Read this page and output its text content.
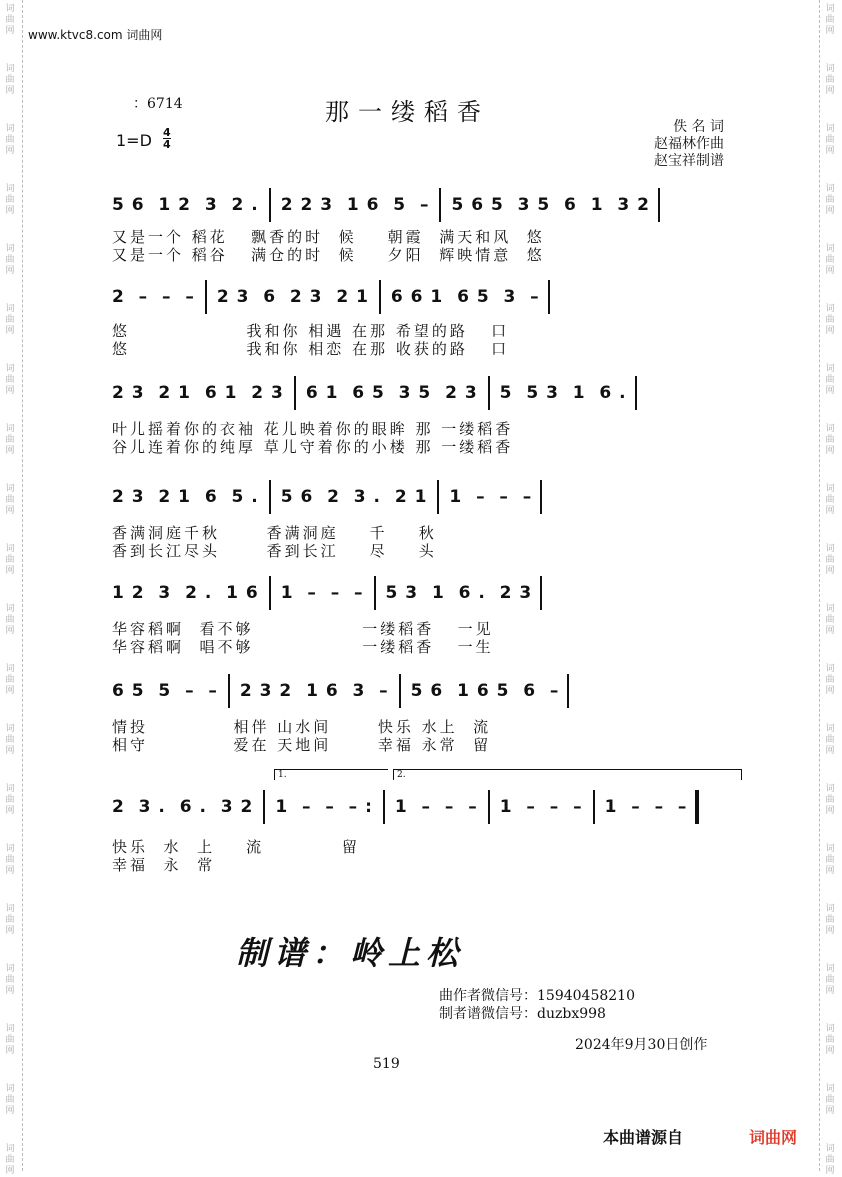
词曲网
词曲网
词曲网
词曲网
词曲网
词曲网
词曲网
词曲网
词曲网
词曲网
词曲网
词曲网
词曲网
词曲网
词曲网
词曲网
词曲网
词曲网
词曲网
词曲网
词曲网
词曲网
词曲网
词曲网
词曲网
词曲网
词曲网
词曲网
词曲网
词曲网
词曲网
词曲网
词曲网
词曲网
词曲网
词曲网
词曲网
词曲网
词曲网
词曲网
www.ktvc8.com 词曲网
：6714	那一缕稻香
1=D 4
4
佚 名 词
赵福林作曲
赵宝祥制谱
5 6  1 2  3  2 . 2 2 3  1 6  5  – 5 6 5  3 5  6  1  3 2
又是一个 稻花   飘香的时  候    朝霞  满天和风  悠
又是一个 稻谷   满仓的时  候    夕阳  辉映情意  悠
2  –  –  – 2 3  6  2 3  2 1 6 6 1  6 5  3  –
悠               我和你 相遇 在那 希望的路   口
悠               我和你 相恋 在那 收获的路   口
2 3  2 1  6 1  2 3 6 1  6 5  3 5  2 3 5  5 3  1  6 .
叶儿摇着你的衣袖 花儿映着你的眼眸 那 一缕稻香
谷儿连着你的纯厚 草儿守着你的小楼 那 一缕稻香
2 3  2 1  6  5 . 5 6  2  3 .  2 1 1  –  –  –
香满洞庭千秋      香满洞庭    千    秋
香到长江尽头      香到长江    尽    头
1 2  3  2 .  1 6 1  –  –  – 5 3  1  6 .  2 3
华容稻啊  看不够              一缕稻香   一见
华容稻啊  唱不够              一缕稻香   一生
6 5  5  –  – 2 3 2  1 6  3  – 5 6  1 6 5  6  –
情投           相伴 山水间      快乐 水上  流
相守           爱在 天地间      幸福 永常  留
1.	2.
2  3 .  6 .  3 2 1  –  –  – : 1  –  –  – 1  –  –  – 1  –  –  –
快乐  水  上    流          留
幸福  永  常
制谱：岭上松
曲作者微信号：15940458210
制者谱微信号：duzbx998
2024年9月30日创作
519
本曲谱源自	词曲网
